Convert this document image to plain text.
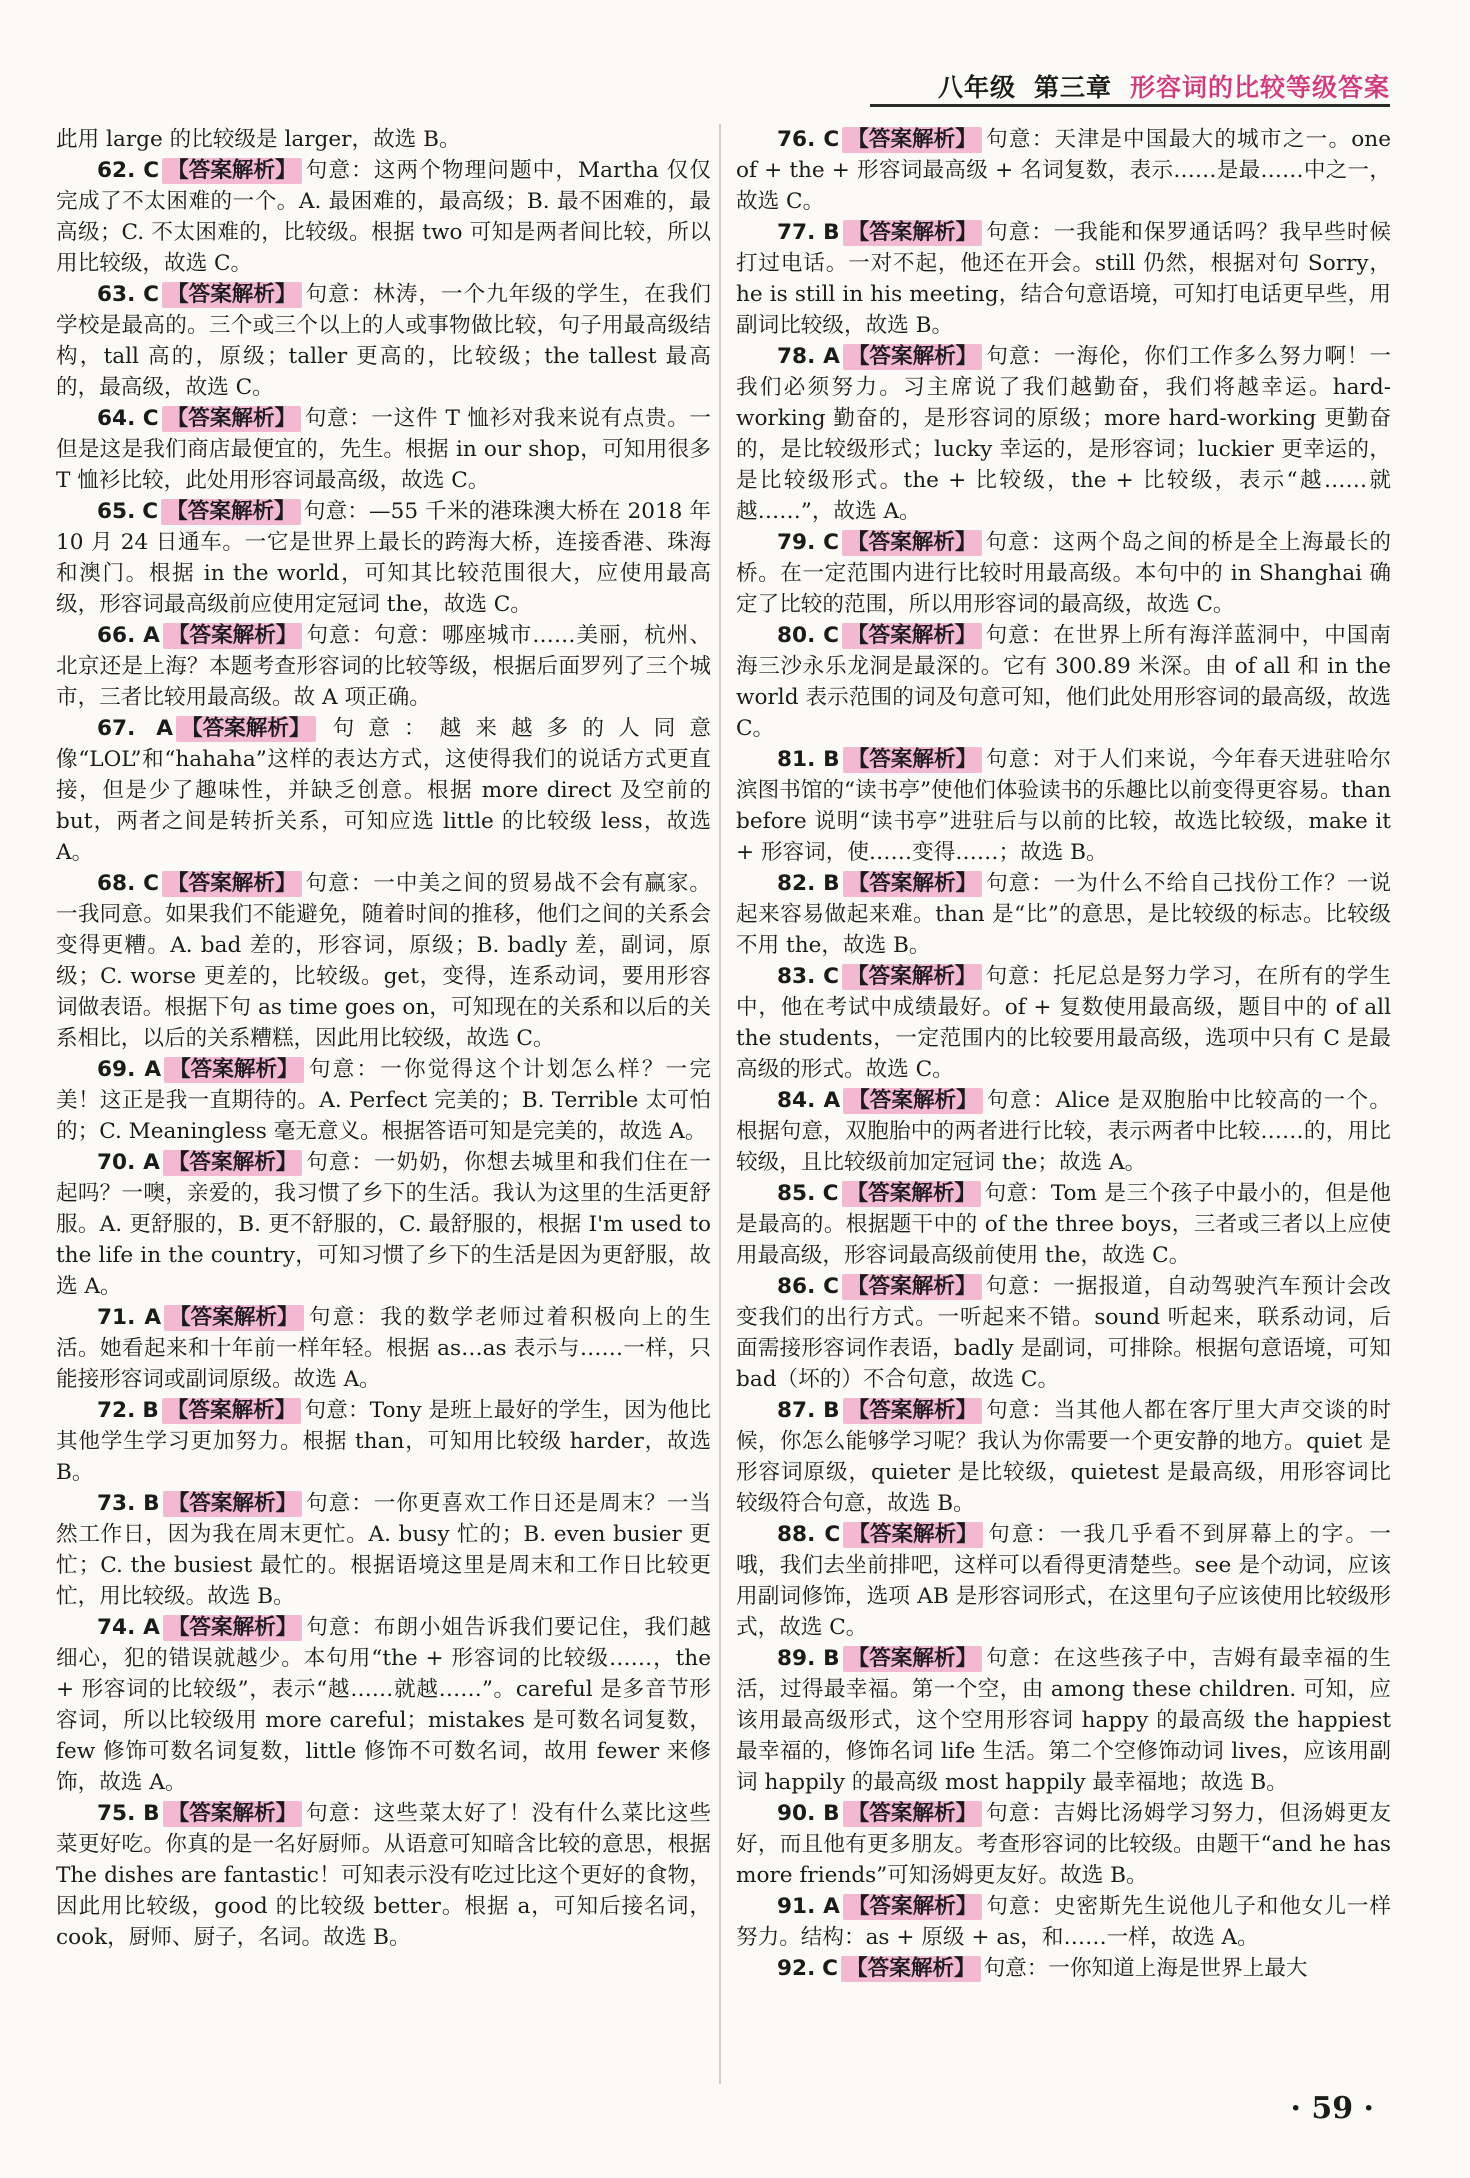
八年级 第三章 形容词的比较等级答案
此用 large 的比较级是 larger，故选 B。
62. C 【答案解析】 句意：这两个物理问题中，Martha 仅仅完成了不太困难的一个。A. 最困难的，最高级；B. 最不困难的，最高级；C. 不太困难的，比较级。根据 two 可知是两者间比较，所以用比较级，故选 C。
63. C 【答案解析】 句意：林涛，一个九年级的学生，在我们学校是最高的。三个或三个以上的人或事物做比较，句子用最高级结构，tall 高的，原级；taller 更高的，比较级；the tallest 最高的，最高级，故选 C。
64. C 【答案解析】 句意：一这件 T 恤衫对我来说有点贵。一但是这是我们商店最便宜的，先生。根据 in our shop，可知用很多 T 恤衫比较，此处用形容词最高级，故选 C。
65. C 【答案解析】 句意：—55 千米的港珠澳大桥在 2018 年 10 月 24 日通车。一它是世界上最长的跨海大桥，连接香港、珠海和澳门。根据 in the world，可知其比较范围很大，应使用最高级，形容词最高级前应使用定冠词 the，故选 C。
66. A 【答案解析】 句意：句意：哪座城市……美丽，杭州、北京还是上海？本题考查形容词的比较等级，根据后面罗列了三个城市，三者比较用最高级。故 A 项正确。
67. A 【答案解析】 句意：越来越多的人同意像“LOL”和“hahaha”这样的表达方式，这使得我们的说话方式更直接，但是少了趣味性，并缺乏创意。根据 more direct 及空前的 but，两者之间是转折关系，可知应选 little 的比较级 less，故选 A。
68. C 【答案解析】 句意：一中美之间的贸易战不会有赢家。一我同意。如果我们不能避免，随着时间的推移，他们之间的关系会变得更糟。A. bad 差的，形容词，原级；B. badly 差，副词，原级；C. worse 更差的，比较级。get，变得，连系动词，要用形容词做表语。根据下句 as time goes on，可知现在的关系和以后的关系相比，以后的关系糟糕，因此用比较级，故选 C。
69. A 【答案解析】 句意：一你觉得这个计划怎么样？一完美！这正是我一直期待的。A. Perfect 完美的；B. Terrible 太可怕的；C. Meaningless 毫无意义。根据答语可知是完美的，故选 A。
70. A 【答案解析】 句意：一奶奶，你想去城里和我们住在一起吗？一噢，亲爱的，我习惯了乡下的生活。我认为这里的生活更舒服。A. 更舒服的，B. 更不舒服的，C. 最舒服的，根据 I'm used to the life in the country，可知习惯了乡下的生活是因为更舒服，故选 A。
71. A 【答案解析】 句意：我的数学老师过着积极向上的生活。她看起来和十年前一样年轻。根据 as…as 表示与……一样，只能接形容词或副词原级。故选 A。
72. B 【答案解析】 句意：Tony 是班上最好的学生，因为他比其他学生学习更加努力。根据 than，可知用比较级 harder，故选 B。
73. B 【答案解析】 句意：一你更喜欢工作日还是周末？一当然工作日，因为我在周末更忙。A. busy 忙的；B. even busier 更忙；C. the busiest 最忙的。根据语境这里是周末和工作日比较更忙，用比较级。故选 B。
74. A 【答案解析】 句意：布朗小姐告诉我们要记住，我们越细心，犯的错误就越少。本句用“the + 形容词的比较级……，the + 形容词的比较级”，表示“越……就越……”。careful 是多音节形容词，所以比较级用 more careful；mistakes 是可数名词复数，few 修饰可数名词复数，little 修饰不可数名词，故用 fewer 来修饰，故选 A。
75. B 【答案解析】 句意：这些菜太好了！没有什么菜比这些菜更好吃。你真的是一名好厨师。从语意可知暗含比较的意思，根据 The dishes are fantastic！可知表示没有吃过比这个更好的食物，因此用比较级，good 的比较级 better。根据 a，可知后接名词，cook，厨师、厨子，名词。故选 B。
76. C 【答案解析】 句意：天津是中国最大的城市之一。one of + the + 形容词最高级 + 名词复数，表示……是最……中之一，故选 C。
77. B 【答案解析】 句意：一我能和保罗通话吗？我早些时候打过电话。一对不起，他还在开会。still 仍然，根据对句 Sorry，he is still in his meeting，结合句意语境，可知打电话更早些，用副词比较级，故选 B。
78. A 【答案解析】 句意：一海伦，你们工作多么努力啊！一我们必须努力。习主席说了我们越勤奋，我们将越幸运。hard-working 勤奋的，是形容词的原级；more hard-working 更勤奋的，是比较级形式；lucky 幸运的，是形容词；luckier 更幸运的，是比较级形式。the + 比较级，the + 比较级，表示“越……就越……”，故选 A。
79. C 【答案解析】 句意：这两个岛之间的桥是全上海最长的桥。在一定范围内进行比较时用最高级。本句中的 in Shanghai 确定了比较的范围，所以用形容词的最高级，故选 C。
80. C 【答案解析】 句意：在世界上所有海洋蓝洞中，中国南海三沙永乐龙洞是最深的。它有 300.89 米深。由 of all 和 in the world 表示范围的词及句意可知，他们此处用形容词的最高级，故选 C。
81. B 【答案解析】 句意：对于人们来说，今年春天进驻哈尔滨图书馆的“读书亭”使他们体验读书的乐趣比以前变得更容易。than before 说明“读书亭”进驻后与以前的比较，故选比较级，make it + 形容词，使……变得……；故选 B。
82. B 【答案解析】 句意：一为什么不给自己找份工作？一说起来容易做起来难。than 是“比”的意思，是比较级的标志。比较级不用 the，故选 B。
83. C 【答案解析】 句意：托尼总是努力学习，在所有的学生中，他在考试中成绩最好。of + 复数使用最高级，题目中的 of all the students，一定范围内的比较要用最高级，选项中只有 C 是最高级的形式。故选 C。
84. A 【答案解析】 句意：Alice 是双胞胎中比较高的一个。根据句意，双胞胎中的两者进行比较，表示两者中比较……的，用比较级，且比较级前加定冠词 the；故选 A。
85. C 【答案解析】 句意：Tom 是三个孩子中最小的，但是他是最高的。根据题干中的 of the three boys，三者或三者以上应使用最高级，形容词最高级前使用 the，故选 C。
86. C 【答案解析】 句意：一据报道，自动驾驶汽车预计会改变我们的出行方式。一听起来不错。sound 听起来，联系动词，后面需接形容词作表语，badly 是副词，可排除。根据句意语境，可知 bad（坏的）不合句意，故选 C。
87. B 【答案解析】 句意：当其他人都在客厅里大声交谈的时候，你怎么能够学习呢？我认为你需要一个更安静的地方。quiet 是形容词原级，quieter 是比较级，quietest 是最高级，用形容词比较级符合句意，故选 B。
88. C 【答案解析】 句意：一我几乎看不到屏幕上的字。一哦，我们去坐前排吧，这样可以看得更清楚些。see 是个动词，应该用副词修饰，选项 AB 是形容词形式，在这里句子应该使用比较级形式，故选 C。
89. B 【答案解析】 句意：在这些孩子中，吉姆有最幸福的生活，过得最幸福。第一个空，由 among these children. 可知，应该用最高级形式，这个空用形容词 happy 的最高级 the happiest 最幸福的，修饰名词 life 生活。第二个空修饰动词 lives，应该用副词 happily 的最高级 most happily 最幸福地；故选 B。
90. B 【答案解析】 句意：吉姆比汤姆学习努力，但汤姆更友好，而且他有更多朋友。考查形容词的比较级。由题干“and he has more friends”可知汤姆更友好。故选 B。
91. A 【答案解析】 句意：史密斯先生说他儿子和他女儿一样努力。结构：as + 原级 + as，和……一样，故选 A。
92. C 【答案解析】 句意：一你知道上海是世界上最大
· 59 ·
